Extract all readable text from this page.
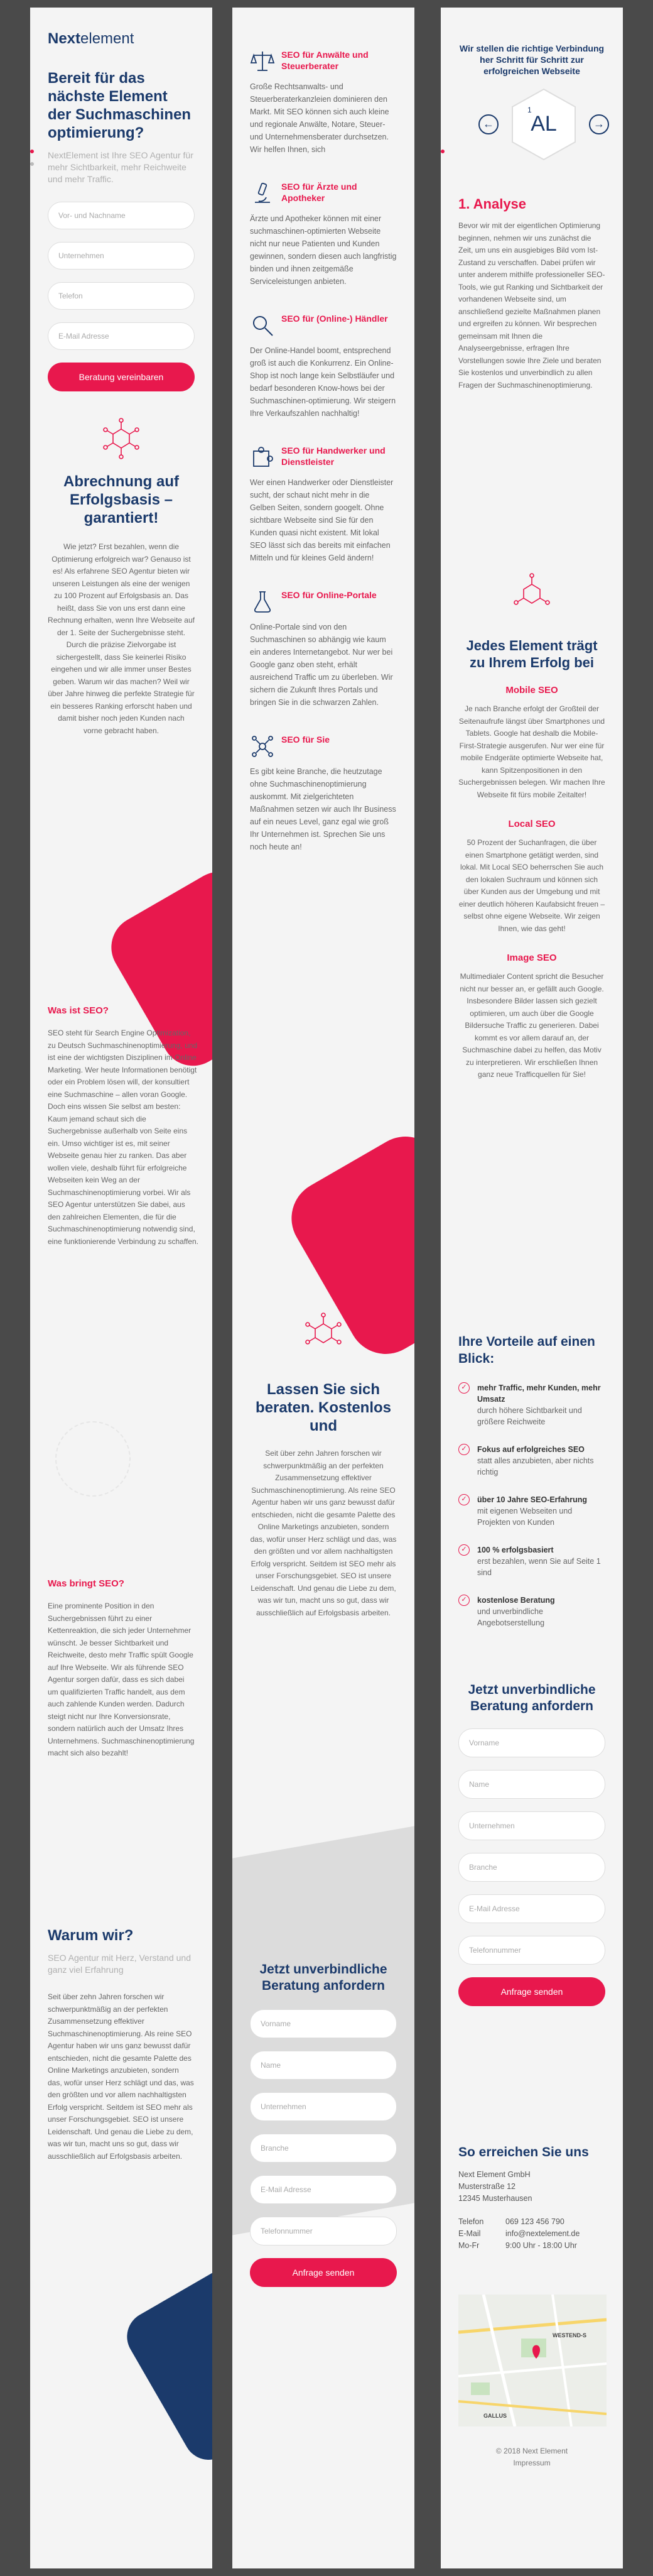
Nextelement
Bereit für das nächste Element der Suchmaschinen optimierung?

NextElement ist Ihre SEO Agentur für mehr Sichtbarkeit, mehr Reichweite und mehr Traffic.

Vor- und Nachname
Unternehmen
Telefon
E-Mail Adresse
Beratung vereinbaren
Abrechnung auf Erfolgsbasis – garantiert!

Wie jetzt? Erst bezahlen, wenn die Optimierung erfolgreich war? Genauso ist es! Als erfahrene SEO Agentur bieten wir unseren Leistungen als eine der wenigen zu 100 Prozent auf Erfolgsbasis an. Das heißt, dass Sie von uns erst dann eine Rechnung erhalten, wenn Ihre Webseite auf der 1. Seite der Suchergebnisse steht. Durch die präzise Zielvorgabe ist sichergestellt, dass Sie keinerlei Risiko eingehen und wir alle immer unser Bestes geben. Warum wir das machen? Weil wir über Jahre hinweg die perfekte Strategie für ein besseres Ranking erforscht haben und damit bisher noch jeden Kunden nach vorne gebracht haben.

Was ist SEO?

SEO steht für Search Engine Optimization, zu Deutsch Suchmaschinenoptimierung, und ist eine der wichtigsten Disziplinen im Online Marketing. Wer heute Informationen benötigt oder ein Problem lösen will, der konsultiert eine Suchmaschine – allen voran Google. Doch eins wissen Sie selbst am besten: Kaum jemand schaut sich die Suchergebnisse außerhalb von Seite eins ein. Umso wichtiger ist es, mit seiner Webseite genau hier zu ranken. Das aber wollen viele, deshalb führt für erfolgreiche Webseiten kein Weg an der Suchmaschinenoptimierung vorbei. Wir als SEO Agentur unterstützen Sie dabei, aus den zahlreichen Elementen, die für die Suchmaschinenoptimierung notwendig sind, eine funktionierende Verbindung zu schaffen.

Was bringt SEO?

Eine prominente Position in den Suchergebnissen führt zu einer Kettenreaktion, die sich jeder Unternehmer wünscht. Je besser Sichtbarkeit und Reichweite, desto mehr Traffic spült Google auf Ihre Webseite. Wir als führende SEO Agentur sorgen dafür, dass es sich dabei um qualifizierten Traffic handelt, aus dem auch zahlende Kunden werden. Dadurch steigt nicht nur Ihre Konversionsrate, sondern natürlich auch der Umsatz Ihres Unternehmens. Suchmaschinenoptimierung macht sich also bezahlt!

Warum wir?

SEO Agentur mit Herz, Verstand und ganz viel Erfahrung

Seit über zehn Jahren forschen wir schwerpunktmäßig an der perfekten Zusammensetzung effektiver Suchmaschinenoptimierung. Als reine SEO Agentur haben wir uns ganz bewusst dafür entschieden, nicht die gesamte Palette des Online Marketings anzubieten, sondern das, wofür unser Herz schlägt und das, was den größten und vor allem nachhaltigsten Erfolg verspricht. Seitdem ist SEO mehr als unser Forschungsgebiet. SEO ist unsere Leidenschaft. Und genau die Liebe zu dem, was wir tun, macht uns so gut, dass wir ausschließlich auf Erfolgsbasis arbeiten.

SEO für Anwälte und Steuerberater

Große Rechtsanwalts- und Steuerberaterkanzleien dominieren den Markt. Mit SEO können sich auch kleine und regionale Anwälte, Notare, Steuer- und Unternehmensberater durchsetzen. Wir helfen Ihnen, sich

SEO für Ärzte und Apotheker

Ärzte und Apotheker können mit einer suchmaschinen-optimierten Webseite nicht nur neue Patienten und Kunden gewinnen, sondern diesen auch langfristig binden und ihnen zeitgemäße Serviceleistungen anbieten.

SEO für (Online-) Händler

Der Online-Handel boomt, entsprechend groß ist auch die Konkurrenz. Ein Online-Shop ist noch lange kein Selbstläufer und bedarf besonderen Know-hows bei der Suchmaschinen-optimierung. Wir steigern Ihre Verkaufszahlen nachhaltig!

SEO für Handwerker und Dienstleister

Wer einen Handwerker oder Dienstleister sucht, der schaut nicht mehr in die Gelben Seiten, sondern googelt. Ohne sichtbare Webseite sind Sie für den Kunden quasi nicht existent. Mit lokal SEO lässt sich das bereits mit einfachen Mitteln und für kleines Geld ändern!

SEO für Online-Portale

Online-Portale sind von den Suchmaschinen so abhängig wie kaum ein anderes Internetangebot. Nur wer bei Google ganz oben steht, erhält ausreichend Traffic um zu überleben. Wir sichern die Zukunft Ihres Portals und bringen Sie in die schwarzen Zahlen.

SEO für Sie

Es gibt keine Branche, die heutzutage ohne Suchmaschinenoptimierung auskommt. Mit zielgerichteten Maßnahmen setzen wir auch Ihr Business auf ein neues Level, ganz egal wie groß Ihr Unternehmen ist. Sprechen Sie uns noch heute an!

Lassen Sie sich beraten. Kostenlos und

Seit über zehn Jahren forschen wir schwerpunktmäßig an der perfekten Zusammensetzung effektiver Suchmaschinenoptimierung. Als reine SEO Agentur haben wir uns ganz bewusst dafür entschieden, nicht die gesamte Palette des Online Marketings anzubieten, sondern das, wofür unser Herz schlägt und das, was den größten und vor allem nachhaltigsten Erfolg verspricht. Seitdem ist SEO mehr als unser Forschungsgebiet. SEO ist unsere Leidenschaft. Und genau die Liebe zu dem, was wir tun, macht uns so gut, dass wir ausschließlich auf Erfolgsbasis arbeiten.

Jetzt unverbindliche Beratung anfordern
Vorname
Name
Unternehmen
Branche
E-Mail Adresse
Telefonnummer
Anfrage senden
Wir stellen die richtige Verbindung her Schritt für Schritt zur erfolgreichen Webseite
←
1
AL	→
1. Analyse

Bevor wir mit der eigentlichen Optimierung beginnen, nehmen wir uns zunächst die Zeit, um uns ein ausgiebiges Bild vom Ist-Zustand zu verschaffen. Dabei prüfen wir unter anderem mithilfe professioneller SEO-Tools, wie gut Ranking und Sichtbarkeit der vorhandenen Webseite sind, um anschließend gezielte Maßnahmen planen und ergreifen zu können. Wir besprechen gemeinsam mit Ihnen die Analyseergebnisse, erfragen Ihre Vorstellungen sowie Ihre Ziele und beraten Sie kostenlos und unverbindlich zu allen Fragen der Suchmaschinenoptimierung.

Jedes Element trägt zu Ihrem Erfolg bei
Mobile SEO

Je nach Branche erfolgt der Großteil der Seitenaufrufe längst über Smartphones und Tablets. Google hat deshalb die Mobile-First-Strategie ausgerufen. Nur wer eine für mobile Endgeräte optimierte Webseite hat, kann Spitzenpositionen in den Suchergebnissen belegen. Wir machen Ihre Webseite fit fürs mobile Zeitalter!

Local SEO

50 Prozent der Suchanfragen, die über einen Smartphone getätigt werden, sind lokal. Mit Local SEO beherrschen Sie auch den lokalen Suchraum und können sich über Kunden aus der Umgebung und mit einer deutlich höheren Kaufabsicht freuen – selbst ohne eigene Webseite. Wir zeigen Ihnen, wie das geht!

Image SEO

Multimedialer Content spricht die Besucher nicht nur besser an, er gefällt auch Google. Insbesondere Bilder lassen sich gezielt optimieren, um auch über die Google Bildersuche Traffic zu generieren. Dabei kommt es vor allem darauf an, der Suchmaschine dabei zu helfen, das Motiv zu interpretieren. Wir erschließen Ihnen ganz neue Trafficquellen für Sie!

Ihre Vorteile auf einen Blick:
✓	mehr Traffic, mehr Kunden, mehr Umsatz
durch höhere Sichtbarkeit und größere Reichweite
✓	Fokus auf erfolgreiches SEO
statt alles anzubieten, aber nichts richtig
✓	über 10 Jahre SEO-Erfahrung
mit eigenen Webseiten und Projekten von Kunden
✓	100 % erfolgsbasiert
erst bezahlen, wenn Sie auf Seite 1 sind
✓	kostenlose Beratung
und unverbindliche Angebotserstellung
Jetzt unverbindliche Beratung anfordern
Vorname
Name
Unternehmen
Branche
E-Mail Adresse
Telefonnummer
Anfrage senden
So erreichen Sie uns
Next Element GmbH
Musterstraße 12
12345 Musterhausen
Telefon	069 123 456 790
E-Mail	info@nextelement.de
Mo-Fr	9:00 Uhr - 18:00 Uhr
WESTEND-S
GALLUS
© 2018 Next Element
Impressum
